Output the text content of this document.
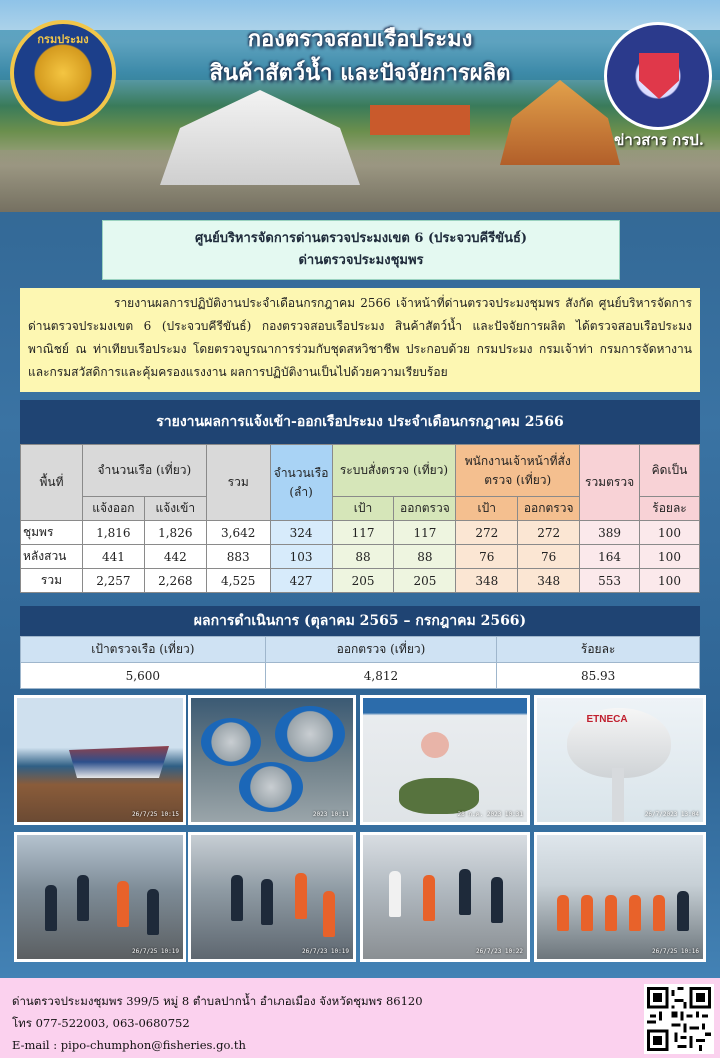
กรมประมง	กองตรวจสอบเรือประมง
สินค้าสัตว์น้ำ และปัจจัยการผลิต
ข่าวสาร กรป.
ศูนย์บริหารจัดการด่านตรวจประมงเขต 6 (ประจวบคีรีขันธ์)
ด่านตรวจประมงชุมพร
รายงานผลการปฏิบัติงานประจำเดือนกรกฎาคม 2566 เจ้าหน้าที่ด่านตรวจประมงชุมพร สังกัด ศูนย์บริหารจัดการด่านตรวจประมงเขต 6 (ประจวบคีรีขันธ์) กองตรวจสอบเรือประมง สินค้าสัตว์น้ำ และปัจจัยการผลิต ได้ตรวจสอบเรือประมงพาณิชย์ ณ ท่าเทียบเรือประมง โดยตรวจบูรณาการร่วมกับชุดสหวิชาชีพ ประกอบด้วย กรมประมง กรมเจ้าท่า กรมการจัดหางาน และกรมสวัสดิการและคุ้มครองแรงงาน ผลการปฏิบัติงานเป็นไปด้วยความเรียบร้อย
รายงานผลการแจ้งเข้า-ออกเรือประมง ประจำเดือนกรกฎาคม 2566
พื้นที่	จำนวนเรือ (เที่ยว)		รวม	จำนวนเรือ (ลำ)	ระบบสั่งตรวจ (เที่ยว)		พนักงานเจ้าหน้าที่สั่งตรวจ (เที่ยว)		รวมตรวจ	คิดเป็น
	แจ้งออก	แจ้งเข้า			เป้า	ออกตรวจ	เป้า	ออกตรวจ		ร้อยละ
ชุมพร	1,816	1,826	3,642	324	117	117	272	272	389	100
หลังสวน	441	442	883	103	88	88	76	76	164	100
รวม	2,257	2,268	4,525	427	205	205	348	348	553	100
ผลการดำเนินการ (ตุลาคม 2565 – กรกฎาคม 2566)
เป้าตรวจเรือ (เที่ยว)	ออกตรวจ (เที่ยว)	ร้อยละ
5,600	4,812	85.93
26/7/25 10:15	2023 10:11	28 ก.ค. 2023 10:31
ETNECA
26/7/2023 13:04
26/7/25 10:19	26/7/23 10:19	26/7/23 10:22	26/7/25 10:16
ด่านตรวจประมงชุมพร 399/5 หมู่ 8 ตำบลปากน้ำ อำเภอเมือง จังหวัดชุมพร 86120
โทร 077-522003, 063-0680752
E-mail : pipo-chumphon@fisheries.go.th
